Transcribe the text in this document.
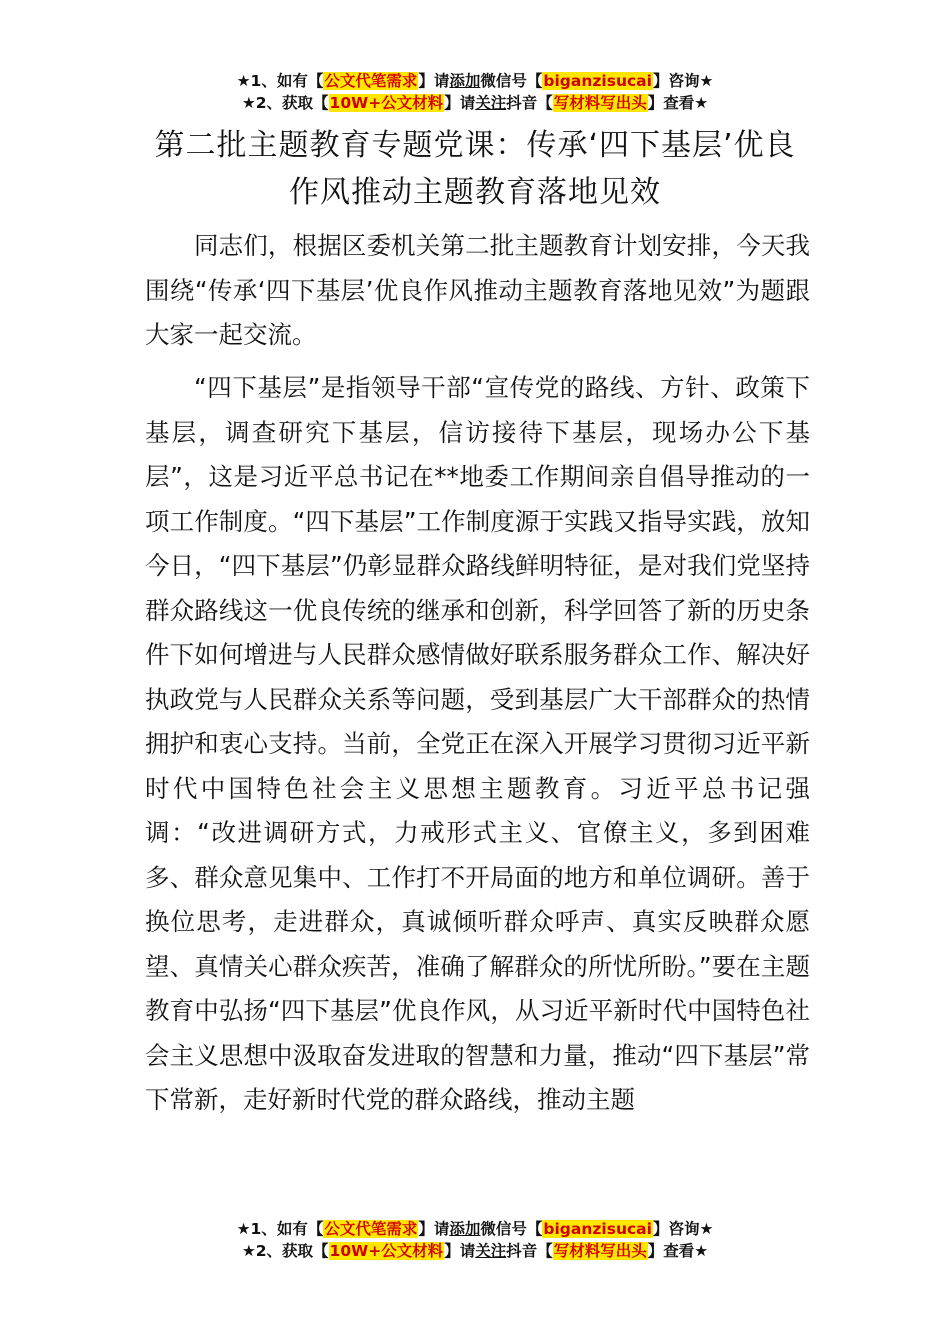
★1、如有【公文代笔需求】请添加微信号【biganzisucai】咨询★
★2、获取【10W+公文材料】请关注抖音【写材料写出头】查看★
第二批主题教育专题党课：传承‘四下基层’优良作风推动主题教育落地见效

同志们，根据区委机关第二批主题教育计划安排，今天我围绕“传承‘四下基层’优良作风推动主题教育落地见效”为题跟大家一起交流。

“四下基层”是指领导干部“宣传党的路线、方针、政策下基层，调查研究下基层，信访接待下基层，现场办公下基层”，这是习近平总书记在**地委工作期间亲自倡导推动的一项工作制度。“四下基层”工作制度源于实践又指导实践，放知今日，“四下基层”仍彰显群众路线鲜明特征，是对我们党坚持群众路线这一优良传统的继承和创新，科学回答了新的历史条件下如何增进与人民群众感情做好联系服务群众工作、解决好执政党与人民群众关系等问题，受到基层广大干部群众的热情拥护和衷心支持。当前，全党正在深入开展学习贯彻习近平新时代中国特色社会主义思想主题教育。习近平总书记强调：“改进调研方式，力戒形式主义、官僚主义，多到困难多、群众意见集中、工作打不开局面的地方和单位调研。善于换位思考，走进群众，真诚倾听群众呼声、真实反映群众愿望、真情关心群众疾苦，准确了解群众的所忧所盼。”要在主题教育中弘扬“四下基层”优良作风，从习近平新时代中国特色社会主义思想中汲取奋发进取的智慧和力量，推动“四下基层”常下常新，走好新时代党的群众路线，推动主题

★1、如有【公文代笔需求】请添加微信号【biganzisucai】咨询★
★2、获取【10W+公文材料】请关注抖音【写材料写出头】查看★
